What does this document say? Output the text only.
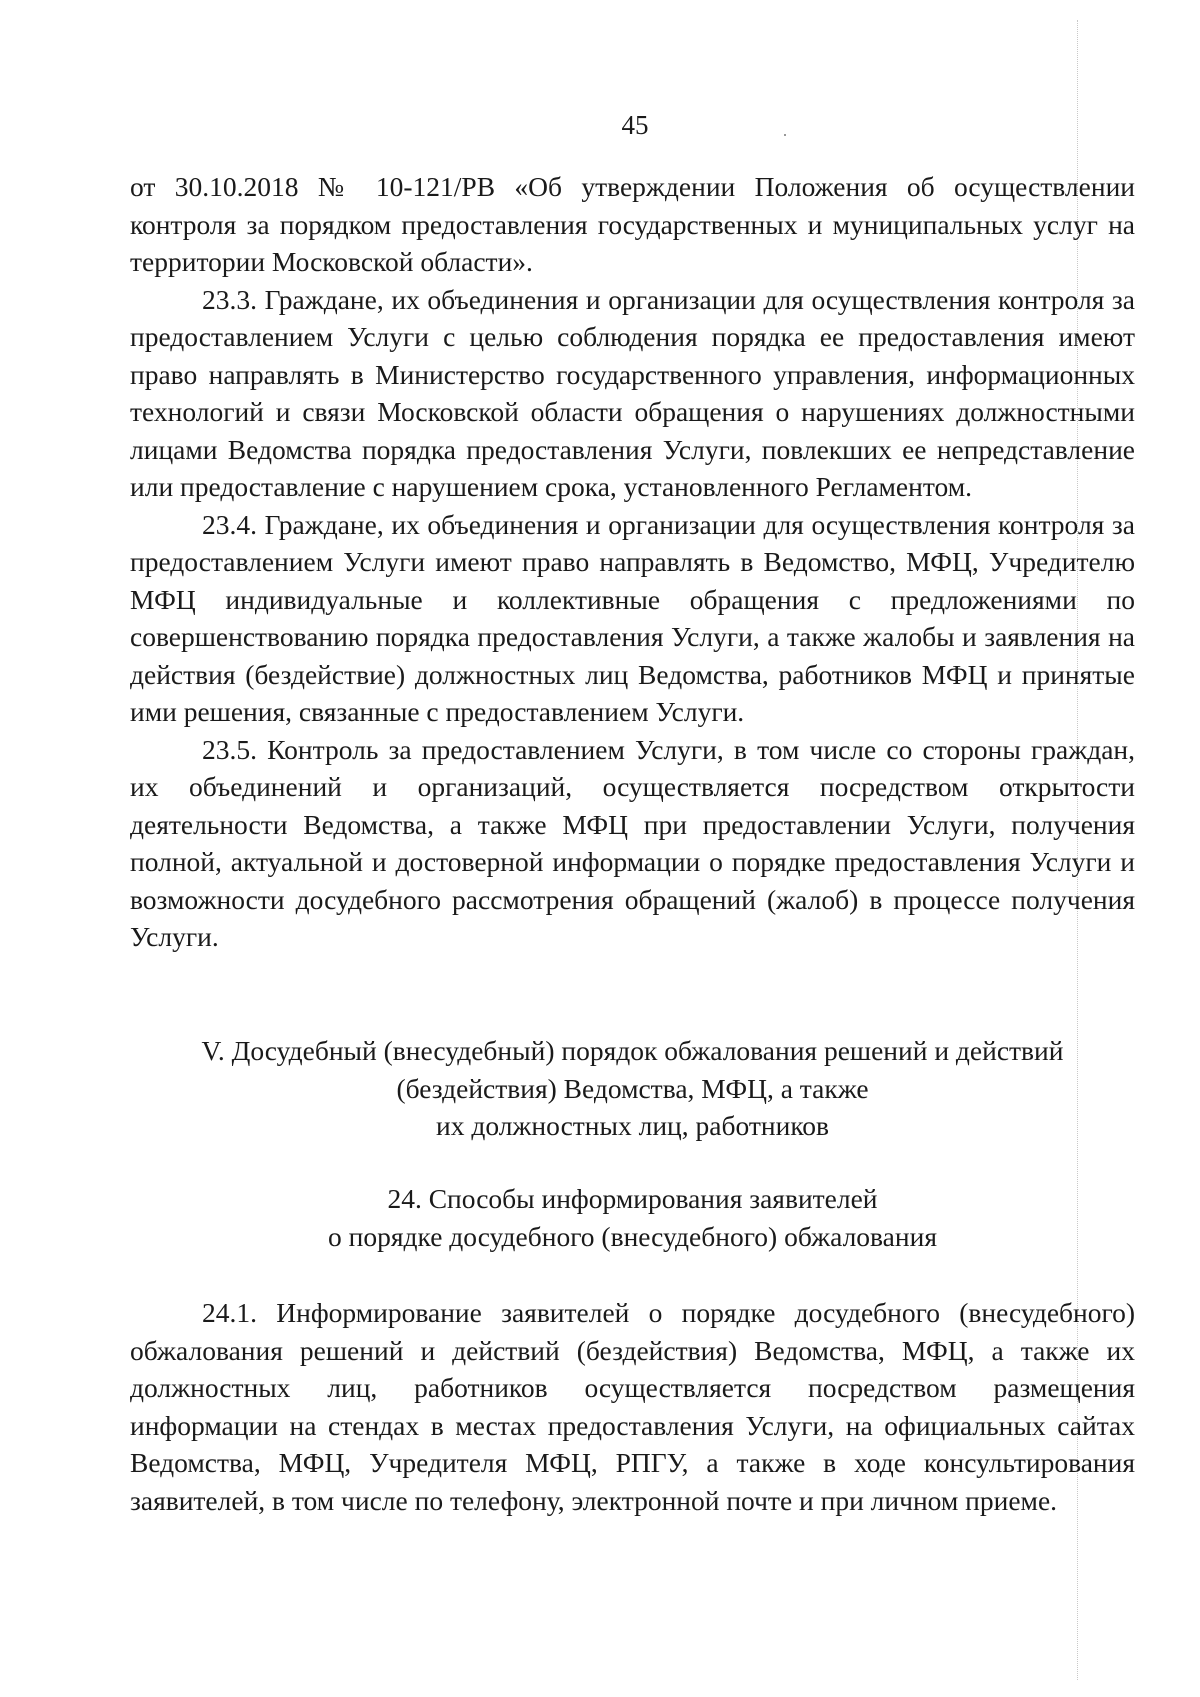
45

от 30.10.2018 № 10-121/РВ «Об утверждении Положения об осуществлении контроля за порядком предоставления государственных и муниципальных услуг на территории Московской области».

23.3. Граждане, их объединения и организации для осуществления контроля за предоставлением Услуги с целью соблюдения порядка ее предоставления имеют право направлять в Министерство государственного управления, информационных технологий и связи Московской области обращения о нарушениях должностными лицами Ведомства порядка предоставления Услуги, повлекших ее непредставление или предоставление с нарушением срока, установленного Регламентом.

23.4. Граждане, их объединения и организации для осуществления контроля за предоставлением Услуги имеют право направлять в Ведомство, МФЦ, Учредителю МФЦ индивидуальные и коллективные обращения с предложениями по совершенствованию порядка предоставления Услуги, а также жалобы и заявления на действия (бездействие) должностных лиц Ведомства, работников МФЦ и принятые ими решения, связанные с предоставлением Услуги.

23.5. Контроль за предоставлением Услуги, в том числе со стороны граждан, их объединений и организаций, осуществляется посредством открытости деятельности Ведомства, а также МФЦ при предоставлении Услуги, получения полной, актуальной и достоверной информации о порядке предоставления Услуги и возможности досудебного рассмотрения обращений (жалоб) в процессе получения Услуги.

V. Досудебный (внесудебный) порядок обжалования решений и действий
(бездействия) Ведомства, МФЦ, а также
их должностных лиц, работников
24. Способы информирования заявителей
о порядке досудебного (внесудебного) обжалования

24.1. Информирование заявителей о порядке досудебного (внесудебного) обжалования решений и действий (бездействия) Ведомства, МФЦ, а также их должностных лиц, работников осуществляется посредством размещения информации на стендах в местах предоставления Услуги, на официальных сайтах Ведомства, МФЦ, Учредителя МФЦ, РПГУ, а также в ходе консультирования заявителей, в том числе по телефону, электронной почте и при личном приеме.
